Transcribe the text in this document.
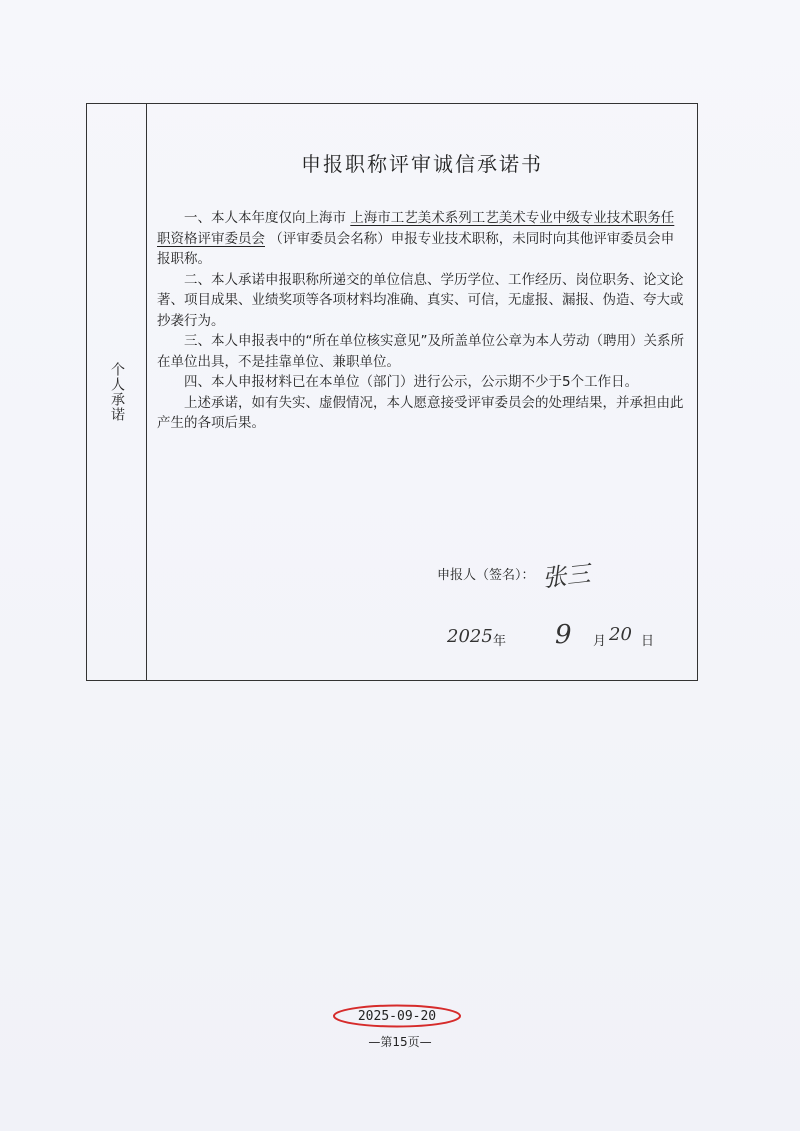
个人承诺
申报职称评审诚信承诺书

一、本人本年度仅向上海市 上海市工艺美术系列工艺美术专业中级专业技术职务任职资格评审委员会 （评审委员会名称）申报专业技术职称，未同时向其他评审委员会申报职称。

二、本人承诺申报职称所递交的单位信息、学历学位、工作经历、岗位职务、论文论著、项目成果、业绩奖项等各项材料均准确、真实、可信，无虚报、漏报、伪造、夸大或抄袭行为。

三、本人申报表中的“所在单位核实意见”及所盖单位公章为本人劳动（聘用）关系所在单位出具，不是挂靠单位、兼职单位。

四、本人申报材料已在本单位（部门）进行公示，公示期不少于5个工作日。

上述承诺，如有失实、虚假情况，本人愿意接受评审委员会的处理结果，并承担由此产生的各项后果。

申报人（签名）： 张三
2025 年 9 月 20 日
2025-09-20
—第15页—
